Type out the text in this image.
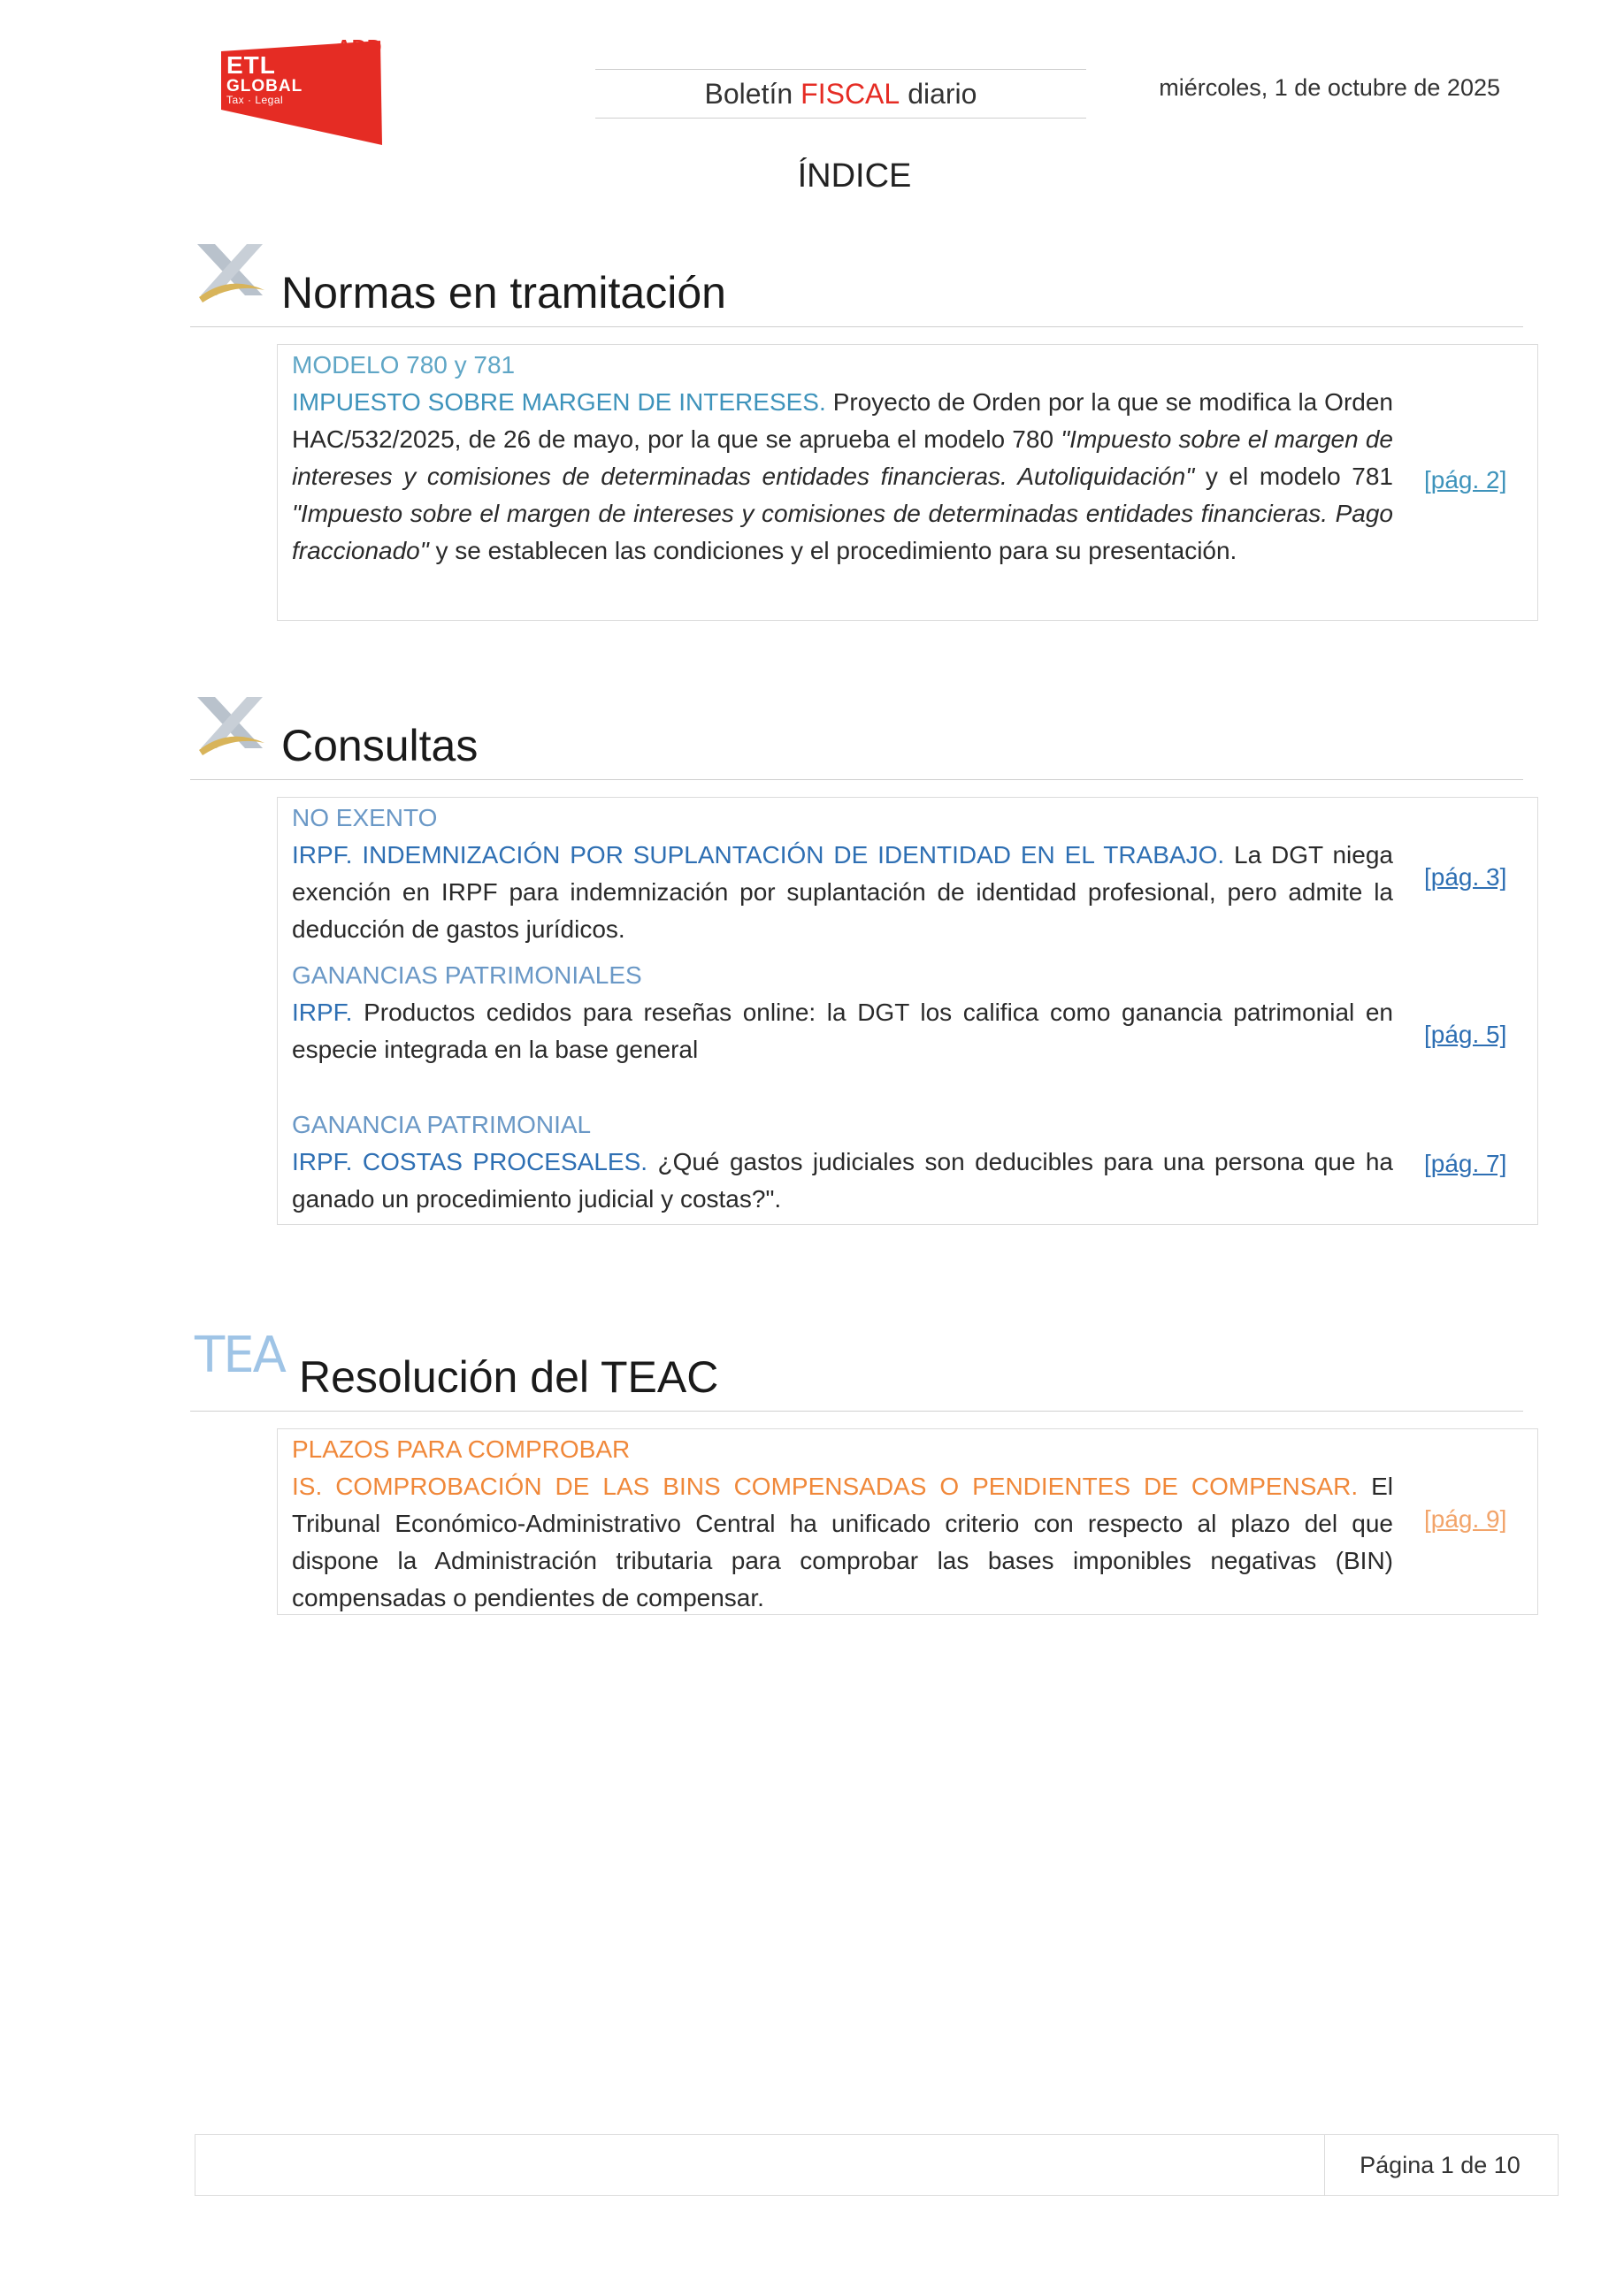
ADD
ETL
GLOBAL
Tax · Legal	Boletín FISCAL diario	miércoles, 1 de octubre de 2025
ÍNDICE
Normas en tramitación
MODELO 780 y 781
IMPUESTO SOBRE MARGEN DE INTERESES. Proyecto de Orden por la que se modifica la Orden HAC/532/2025, de 26 de mayo, por la que se aprueba el modelo 780 "Impuesto sobre el margen de intereses y comisiones de determinadas entidades financieras. Autoliquidación" y el modelo 781 "Impuesto sobre el margen de intereses y comisiones de determinadas entidades financieras. Pago fraccionado" y se establecen las condiciones y el procedimiento para su presentación.
[pág. 2]
Consultas
NO EXENTO
IRPF. INDEMNIZACIÓN POR SUPLANTACIÓN DE IDENTIDAD EN EL TRABAJO. La DGT niega exención en IRPF para indemnización por suplantación de identidad profesional, pero admite la deducción de gastos jurídicos.
[pág. 3]
GANANCIAS PATRIMONIALES
IRPF. Productos cedidos para reseñas online: la DGT los califica como ganancia patrimonial en especie integrada en la base general
[pág. 5]
GANANCIA PATRIMONIAL
IRPF. COSTAS PROCESALES. ¿Qué gastos judiciales son deducibles para una persona que ha ganado un procedimiento judicial y costas?".
[pág. 7]
TEA Resolución del TEAC
PLAZOS PARA COMPROBAR
IS. COMPROBACIÓN DE LAS BINS COMPENSADAS O PENDIENTES DE COMPENSAR. El Tribunal Económico-Administrativo Central ha unificado criterio con respecto al plazo del que dispone la Administración tributaria para comprobar las bases imponibles negativas (BIN) compensadas o pendientes de compensar.
[pág. 9]
Página 1 de 10
